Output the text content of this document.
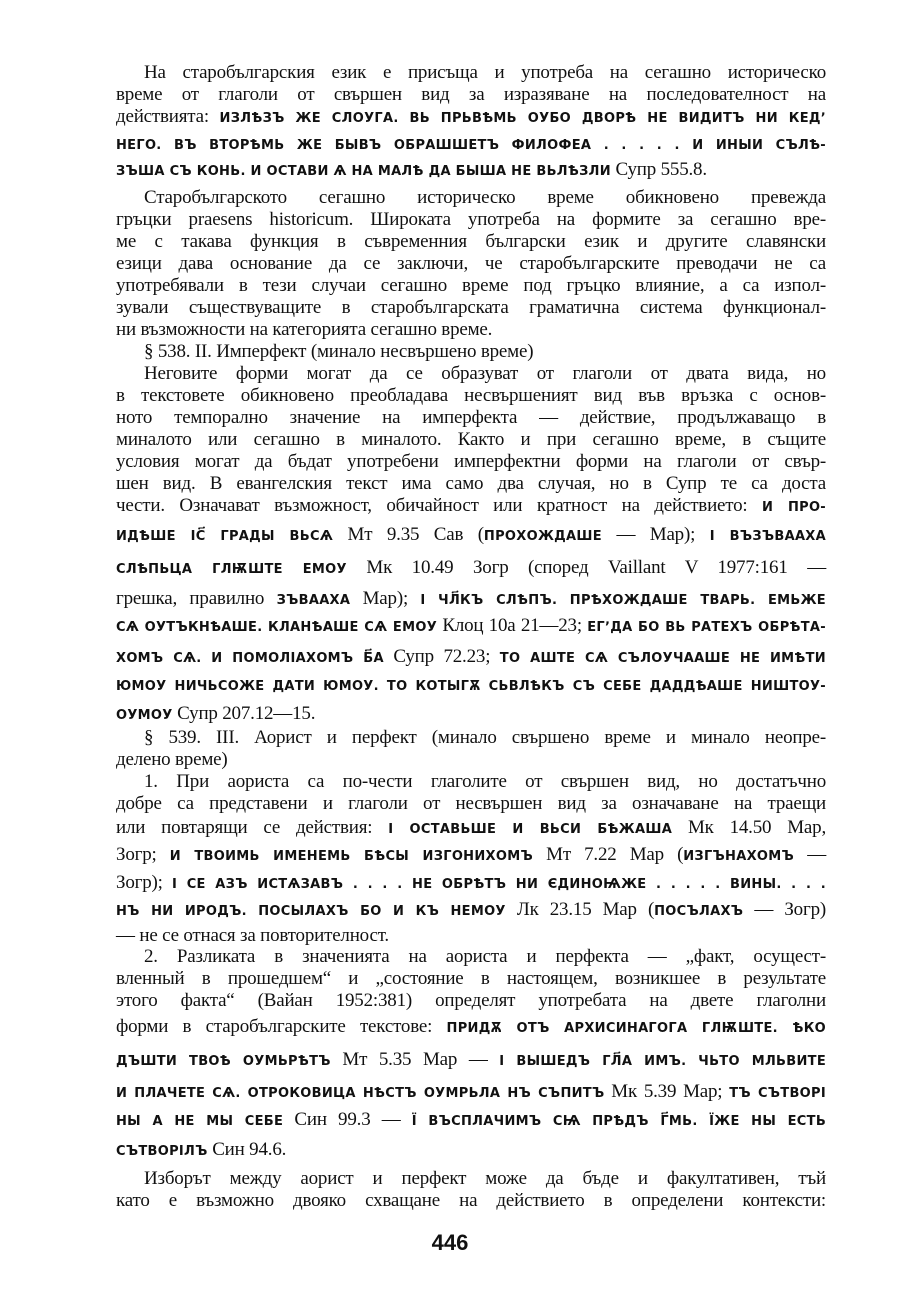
На старобългарския език е присъща и употреба на сегашно историческо
време от глаголи от свършен вид за изразяване на последователност на
действията: ИЗЛѢЗЪ ЖЕ СЛОУГА. ВЬ ПРЬВѢМЬ ОУБО ДВОРѢ НЕ ВИДИТЪ НИ КЕДʼ
НЕГО. ВЪ ВТОРѢМЬ ЖЕ БЫВЪ ОБРАШШЕТЪ ФИЛОФЕА . . . . . И ИНЫИ СЪЛѢ-
ЗЪША СЪ КОНЬ. И ОСТАВИ Ѧ НА МАЛѢ ДА БЫША НЕ ВЬЛѢЗЛИ Супр 555.8.
Старобългарското сегашно историческо време обикновено превежда
гръцки praesens historicum. Широката употреба на формите за сегашно вре-
ме с такава функция в съвременния български език и другите славянски
езици дава основание да се заключи, че старобългарските преводачи не са
употребявали в тези случаи сегашно време под гръцко влияние, а са изпол-
зували съществуващите в старобългарската граматична система функционал-
ни възможности на категорията сегашно време.
§ 538. II. Имперфект (минало несвършено време)
Неговите форми могат да се образуват от глаголи от двата вида, но
в текстовете обикновено преобладава несвършеният вид във връзка с основ-
ното темпорално значение на имперфекта — действие, продължаващо в
миналото или сегашно в миналото. Както и при сегашно време, в същите
условия могат да бъдат употребени имперфектни форми на глаголи от свър-
шен вид. В евангелския текст има само два случая, но в Супр те са доста
чести. Означават възможност, обичайност или кратност на действието: И ПРО-
ИДѢШЕ ІС҃ ГРАДЫ ВЬСѦ Мт 9.35 Сав (ПРОХОЖДАШЕ — Мар); І ВЪЗЪВААХА
СЛѢПЬЦА ГЛѬШТЕ ЕМОУ Мк 10.49 Зогр (според Vaillant V 1977:161 —
грешка, правилно ЗЪВААХА Мар); І ЧЛ҃КЪ СЛѢПЪ. ПРѢХОЖДАШЕ ТВАРЬ. ЕМЬЖЕ
СѦ ОУТЪКНѢАШЕ. КЛАНѢАШЕ СѦ ЕМОУ Клоц 10а 21—23; ЕГʼДА БО ВЬ РАТЕХЪ ОБРѢТА-
ХОМЪ СѦ. И ПОМОЛІАХОМЪ Б҃А Супр 72.23; ТО АШТЕ СѦ СЪЛОУЧААШЕ НЕ ИМѢТИ
ЮМОУ НИЧЬСОЖЕ ДАТИ ЮМОУ. ТО КОТЫГѪ СЬВЛѢКЪ СЪ СЕБЕ ДАДДѢАШЕ НИШТОУ-
ОУМОУ Супр 207.12—15.
§ 539. III. Аорист и перфект (минало свършено време и минало неопре-
делено време)
1. При аориста са по-чести глаголите от свършен вид, но достатъчно
добре са представени и глаголи от несвършен вид за означаване на траещи
или повтарящи се действия: І ОСТАВЬШЕ И ВЬСИ БѢЖАША Мк 14.50 Мар,
Зогр; И ТВОИМЬ ИМЕНЕМЬ БѢСЫ ИЗГОНИХОМЪ Мт 7.22 Мар (ИЗГЪНАХОМЪ —
Зогр); І СЕ АЗЪ ИСТѦЗАВЪ . . . . НЕ ОБРѢТЪ НИ ЄДИНОѨЖЕ . . . . . ВИНЫ. . . .
НЪ НИ ИРОДЪ. ПОСЫЛАХЪ БО И КЪ НЕМОУ Лк 23.15 Мар (ПОСЪЛАХЪ — Зогр)
— не се отнася за повторителност.
2. Разликата в значенията на аориста и перфекта — „факт, осущест-
вленный в прошедшем“ и „состояние в настоящем, возникшее в результате
этого факта“ (Вайан 1952:381) определят употребата на двете глаголни
форми в старобългарските текстове: ПРИДѪ ОТЪ АРХИСИНАГОГА ГЛѬШТЕ. ѢКО
ДЪШТИ ТВОѢ ОУМЬРѢТЪ Мт 5.35 Мар — І ВЫШЕДЪ ГЛ҃А ИМЪ. ЧЬТО МЛЬВИТЕ
И ПЛАЧЕТЕ СѦ. ОТРОКОВИЦА НѢСТЪ ОУМРЬЛА НЪ СЪПИТЪ Мк 5.39 Мар; ТЪ СЪТВОРІ
НЫ А НЕ МЫ СЕБЕ Син 99.3 — Ї ВЪСПЛАЧИМЪ СѨ ПРѢДЪ Г҃МЬ. ЇЖЕ НЫ ЕСТЬ
СЪТВОРІЛЪ Син 94.6.
Изборът между аорист и перфект може да бъде и факултативен, тъй
като е възможно двояко схващане на действието в определени контексти:
446
